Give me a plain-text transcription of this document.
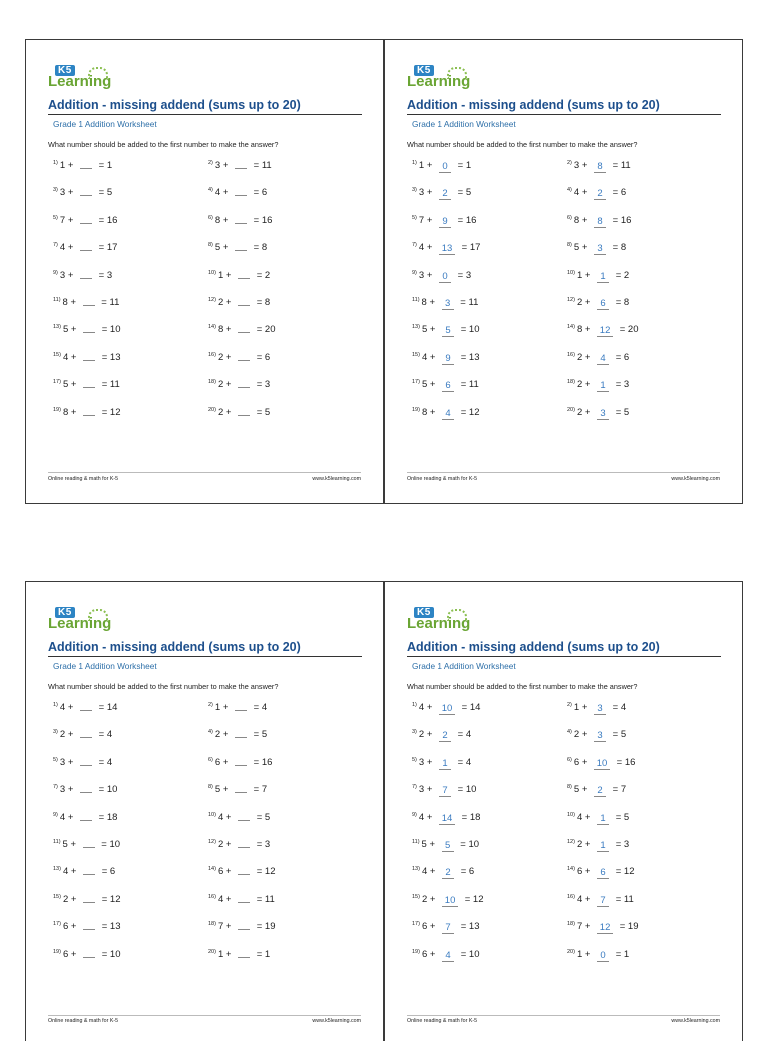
K5
Learning
Addition - missing addend (sums up to 20)
Grade 1 Addition Worksheet
What number should be added to the first number to make the answer?
$^{1)}$ 1 +  = 1	$^{2)}$ 3 +  = 11
$^{3)}$ 3 +  = 5	$^{4)}$ 4 +  = 6
$^{5)}$ 7 +  = 16	$^{6)}$ 8 +  = 16
$^{7)}$ 4 +  = 17	$^{8)}$ 5 +  = 8
$^{9)}$ 3 +  = 3	$^{10)}$ 1 +  = 2
$^{11)}$ 8 +  = 11	$^{12)}$ 2 +  = 8
$^{13)}$ 5 +  = 10	$^{14)}$ 8 +  = 20
$^{15)}$ 4 +  = 13	$^{16)}$ 2 +  = 6
$^{17)}$ 5 +  = 11	$^{18)}$ 2 +  = 3
$^{19)}$ 8 +  = 12	$^{20)}$ 2 +  = 5
Online reading & math for K-5	www.k5learning.com
K5
Learning
Addition - missing addend (sums up to 20)
Grade 1 Addition Worksheet
What number should be added to the first number to make the answer?
$^{1)}$ 1 + 0 = 1	$^{2)}$ 3 + 8 = 11
$^{3)}$ 3 + 2 = 5	$^{4)}$ 4 + 2 = 6
$^{5)}$ 7 + 9 = 16	$^{6)}$ 8 + 8 = 16
$^{7)}$ 4 + 13 = 17	$^{8)}$ 5 + 3 = 8
$^{9)}$ 3 + 0 = 3	$^{10)}$ 1 + 1 = 2
$^{11)}$ 8 + 3 = 11	$^{12)}$ 2 + 6 = 8
$^{13)}$ 5 + 5 = 10	$^{14)}$ 8 + 12 = 20
$^{15)}$ 4 + 9 = 13	$^{16)}$ 2 + 4 = 6
$^{17)}$ 5 + 6 = 11	$^{18)}$ 2 + 1 = 3
$^{19)}$ 8 + 4 = 12	$^{20)}$ 2 + 3 = 5
Online reading & math for K-5	www.k5learning.com
K5
Learning
Addition - missing addend (sums up to 20)
Grade 1 Addition Worksheet
What number should be added to the first number to make the answer?
$^{1)}$ 4 +  = 14	$^{2)}$ 1 +  = 4
$^{3)}$ 2 +  = 4	$^{4)}$ 2 +  = 5
$^{5)}$ 3 +  = 4	$^{6)}$ 6 +  = 16
$^{7)}$ 3 +  = 10	$^{8)}$ 5 +  = 7
$^{9)}$ 4 +  = 18	$^{10)}$ 4 +  = 5
$^{11)}$ 5 +  = 10	$^{12)}$ 2 +  = 3
$^{13)}$ 4 +  = 6	$^{14)}$ 6 +  = 12
$^{15)}$ 2 +  = 12	$^{16)}$ 4 +  = 11
$^{17)}$ 6 +  = 13	$^{18)}$ 7 +  = 19
$^{19)}$ 6 +  = 10	$^{20)}$ 1 +  = 1
Online reading & math for K-5	www.k5learning.com
K5
Learning
Addition - missing addend (sums up to 20)
Grade 1 Addition Worksheet
What number should be added to the first number to make the answer?
$^{1)}$ 4 + 10 = 14	$^{2)}$ 1 + 3 = 4
$^{3)}$ 2 + 2 = 4	$^{4)}$ 2 + 3 = 5
$^{5)}$ 3 + 1 = 4	$^{6)}$ 6 + 10 = 16
$^{7)}$ 3 + 7 = 10	$^{8)}$ 5 + 2 = 7
$^{9)}$ 4 + 14 = 18	$^{10)}$ 4 + 1 = 5
$^{11)}$ 5 + 5 = 10	$^{12)}$ 2 + 1 = 3
$^{13)}$ 4 + 2 = 6	$^{14)}$ 6 + 6 = 12
$^{15)}$ 2 + 10 = 12	$^{16)}$ 4 + 7 = 11
$^{17)}$ 6 + 7 = 13	$^{18)}$ 7 + 12 = 19
$^{19)}$ 6 + 4 = 10	$^{20)}$ 1 + 0 = 1
Online reading & math for K-5	www.k5learning.com
